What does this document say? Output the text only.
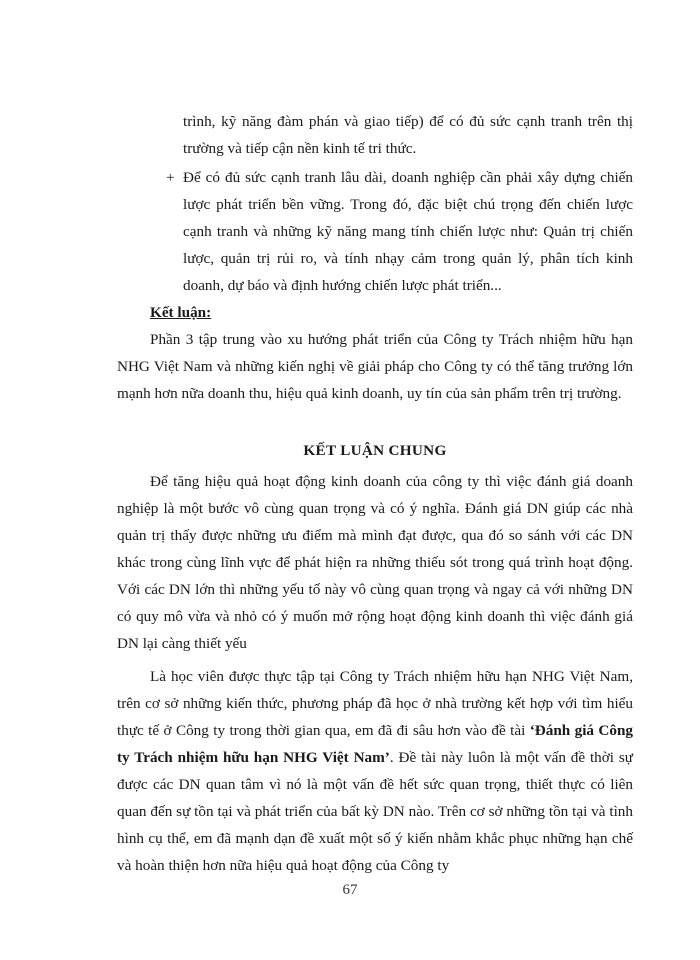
trình, kỹ năng đàm phán và giao tiếp) để có đủ sức cạnh tranh trên thị trường và tiếp cận nền kinh tế tri thức.
+ Để có đủ sức cạnh tranh lâu dài, doanh nghiệp cần phải xây dựng chiến lược phát triển bền vững. Trong đó, đặc biệt chú trọng đến chiến lược cạnh tranh và những kỹ năng mang tính chiến lược như: Quản trị chiến lược, quản trị rủi ro, và tính nhạy cảm trong quản lý, phân tích kinh doanh, dự báo và định hướng chiến lược phát triển...
Kết luận:
Phần 3 tập trung vào xu hướng phát triển của Công ty Trách nhiệm hữu hạn NHG Việt Nam và những kiến nghị về giải pháp cho Công ty có thể tăng trưởng lớn mạnh hơn nữa doanh thu, hiệu quả kinh doanh, uy tín của sản phẩm trên trị trường.
KẾT LUẬN CHUNG
Để tăng hiệu quả hoạt động kinh doanh của công ty thì việc đánh giá doanh nghiệp là một bước vô cùng quan trọng và có ý nghĩa. Đánh giá DN giúp các nhà quản trị thấy được những ưu điểm mà mình đạt được, qua đó so sánh với các DN khác trong cùng lĩnh vực để phát hiện ra những thiếu sót trong quá trình hoạt động. Với các DN lớn thì những yếu tố này vô cùng quan trọng và ngay cả với những DN có quy mô vừa và nhỏ có ý muốn mở rộng hoạt động kinh doanh thì việc đánh giá DN lại càng thiết yếu
Là học viên được thực tập tại Công ty Trách nhiệm hữu hạn NHG Việt Nam, trên cơ sở những kiến thức, phương pháp đã học ở nhà trường kết hợp với tìm hiểu thực tế ở Công ty trong thời gian qua, em đã đi sâu hơn vào đề tài ‘Đánh giá Công ty Trách nhiệm hữu hạn NHG Việt Nam’. Đề tài này luôn là một vấn đề thời sự được các DN quan tâm vì nó là một vấn đề hết sức quan trọng, thiết thực có liên quan đến sự tồn tại và phát triển của bất kỳ DN nào. Trên cơ sở những tồn tại và tình hình cụ thể, em đã mạnh dạn đề xuất một số ý kiến nhằm khắc phục những hạn chế và hoàn thiện hơn nữa hiệu quả hoạt động của Công ty
67
